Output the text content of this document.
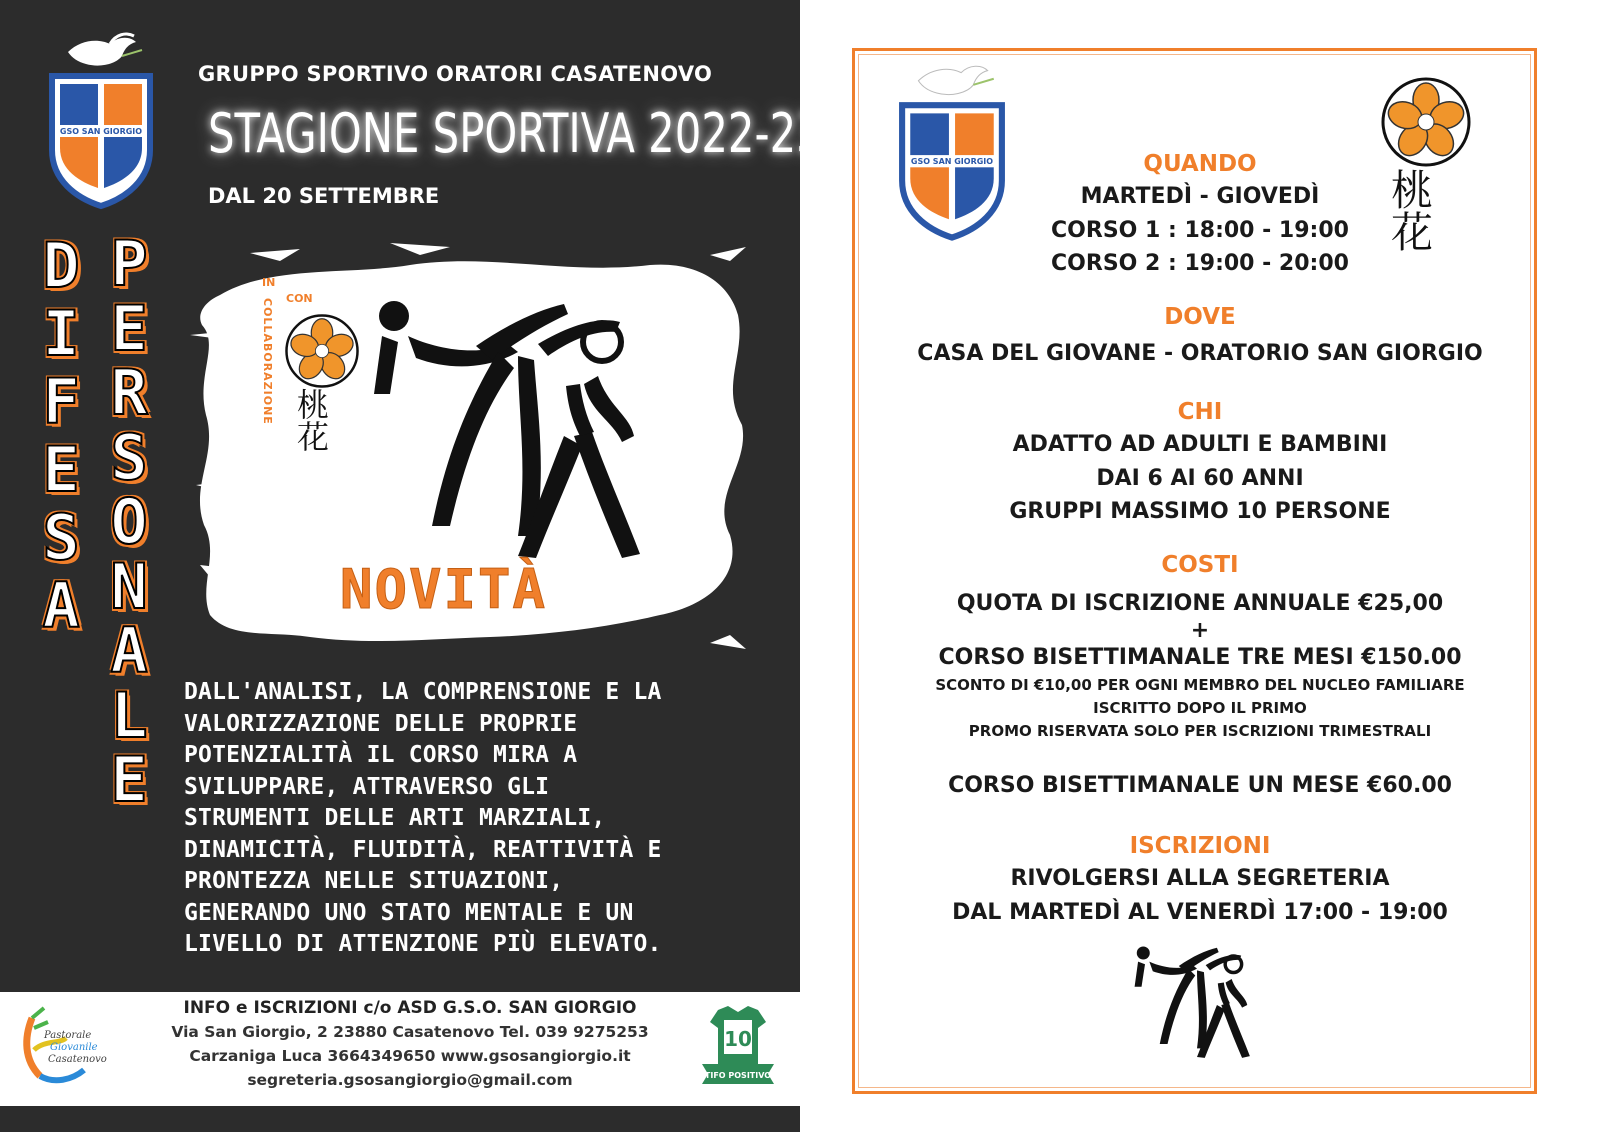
GSO SAN GIORGIO
GRUPPO SPORTIVO ORATORI CASATENOVO
STAGIONE SPORTIVA 2022-23
DAL 20 SETTEMBRE
D
I
F
E
S
A
P
E
R
S
O
N
A
L
E
桃花
IN
CON
COLLABORAZIONE
NOVITÀ
DALL'ANALISI, LA COMPRENSIONE E LA
VALORIZZAZIONE DELLE PROPRIE
POTENZIALITÀ IL CORSO MIRA A
SVILUPPARE, ATTRAVERSO GLI
STRUMENTI DELLE ARTI MARZIALI,
DINAMICITÀ, FLUIDITÀ, REATTIVITÀ E
PRONTEZZA NELLE SITUAZIONI,
GENERANDO UNO STATO MENTALE E UN
LIVELLO DI ATTENZIONE PIÙ ELEVATO.
Pastorale
Giovanile
Casatenovo
INFO e ISCRIZIONI c/o ASD G.S.O. SAN GIORGIO
Via San Giorgio, 2 23880 Casatenovo Tel. 039 9275253
Carzaniga Luca 3664349650 www.gsosangiorgio.it
segreteria.gsosangiorgio@gmail.com
10
TIFO POSITIVO
GSO SAN GIORGIO
桃花
QUANDO
MARTEDÌ - GIOVEDÌ
CORSO 1 : 18:00 - 19:00
CORSO 2 : 19:00 - 20:00
DOVE
CASA DEL GIOVANE - ORATORIO SAN GIORGIO
CHI
ADATTO AD ADULTI E BAMBINI
DAI 6 AI 60 ANNI
GRUPPI MASSIMO 10 PERSONE
COSTI
QUOTA DI ISCRIZIONE ANNUALE €25,00
+
CORSO BISETTIMANALE TRE MESI €150.00
SCONTO DI €10,00 PER OGNI MEMBRO DEL NUCLEO FAMILIARE
ISCRITTO DOPO IL PRIMO
PROMO RISERVATA SOLO PER ISCRIZIONI TRIMESTRALI
CORSO BISETTIMANALE UN MESE €60.00
ISCRIZIONI
RIVOLGERSI ALLA SEGRETERIA
DAL MARTEDÌ AL VENERDÌ 17:00 - 19:00
